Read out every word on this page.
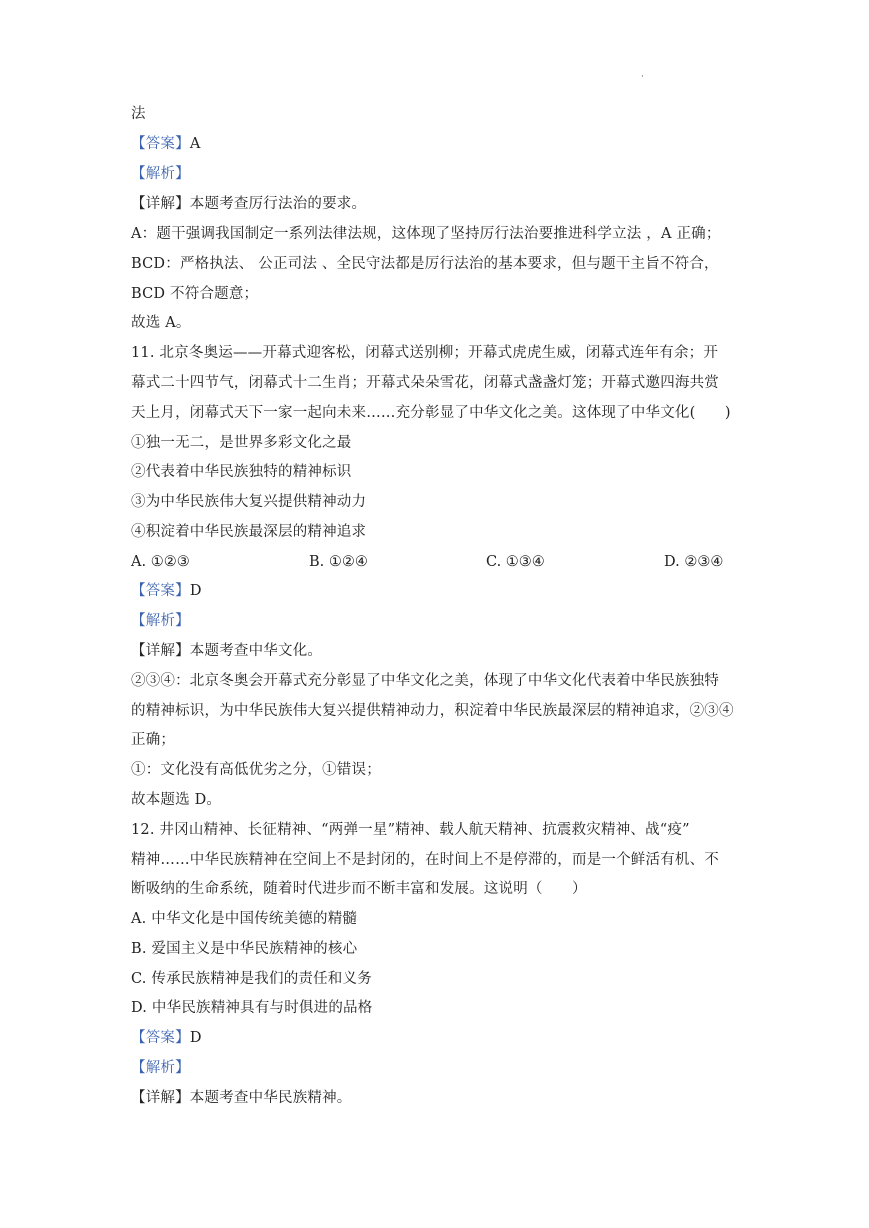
·
法
【答案】A
【解析】
【详解】本题考查厉行法治的要求。
A：题干强调我国制定一系列法律法规，这体现了坚持厉行法治要推进科学立法 ，A 正确；
BCD：严格执法、 公正司法 、全民守法都是厉行法治的基本要求，但与题干主旨不符合，
BCD 不符合题意；
故选 A。
11. 北京冬奥运——开幕式迎客松，闭幕式送别柳；开幕式虎虎生威，闭幕式连年有余；开
幕式二十四节气，闭幕式十二生肖；开幕式朵朵雪花，闭幕式盏盏灯笼；开幕式邀四海共赏
天上月，闭幕式天下一家一起向未来……充分彰显了中华文化之美。这体现了中华文化(　　)
①独一无二，是世界多彩文化之最
②代表着中华民族独特的精神标识
③为中华民族伟大复兴提供精神动力
④积淀着中华民族最深层的精神追求
A. ①②③	B. ①②④	C. ①③④	D. ②③④
【答案】D
【解析】
【详解】本题考查中华文化。
②③④：北京冬奥会开幕式充分彰显了中华文化之美，体现了中华文化代表着中华民族独特
的精神标识，为中华民族伟大复兴提供精神动力，积淀着中华民族最深层的精神追求，②③④
正确；
①：文化没有高低优劣之分，①错误；
故本题选 D。
12. 井冈山精神、长征精神、“两弹一星”精神、载人航天精神、抗震救灾精神、战“疫”
精神……中华民族精神在空间上不是封闭的，在时间上不是停滞的，而是一个鲜活有机、不
断吸纳的生命系统，随着时代进步而不断丰富和发展。这说明（　　）
A. 中华文化是中国传统美德的精髓
B. 爱国主义是中华民族精神的核心
C. 传承民族精神是我们的责任和义务
D. 中华民族精神具有与时俱进的品格
【答案】D
【解析】
【详解】本题考查中华民族精神。
